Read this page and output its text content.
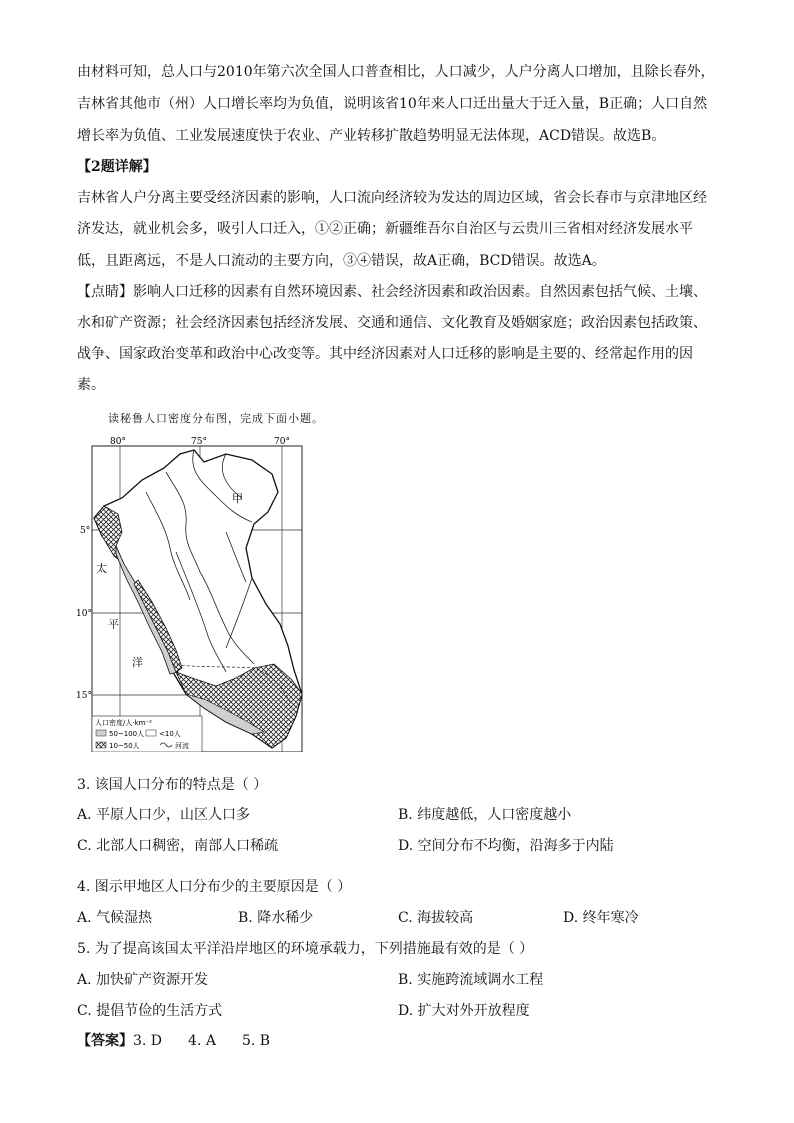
由材料可知，总人口与2010年第六次全国人口普查相比，人口减少，人户分离人口增加，且除长春外，
吉林省其他市（州）人口增长率均为负值，说明该省10年来人口迁出量大于迁入量，B正确；人口自然
增长率为负值、工业发展速度快于农业、产业转移扩散趋势明显无法体现，ACD错误。故选B。
【2题详解】
吉林省人户分离主要受经济因素的影响，人口流向经济较为发达的周边区域，省会长春市与京津地区经
济发达，就业机会多，吸引人口迁入，①②正确；新疆维吾尔自治区与云贵川三省相对经济发展水平
低，且距离远，不是人口流动的主要方向，③④错误，故A正确，BCD错误。故选A。
【点睛】影响人口迁移的因素有自然环境因素、社会经济因素和政治因素。自然因素包括气候、土壤、
水和矿产资源；社会经济因素包括经济发展、交通和通信、文化教育及婚姻家庭；政治因素包括政策、
战争、国家政治变革和政治中心改变等。其中经济因素对人口迁移的影响是主要的、经常起作用的因
素。
读秘鲁人口密度分布图，完成下面小题。
80°	75°	70°
5°
10°
15°
甲
太
平
洋
人口密度/人·km⁻²
50~100人 <10人
10~50人	河流
3. 该国人口分布的特点是（ ）
A. 平原人口少，山区人口多	B. 纬度越低，人口密度越小
C. 北部人口稠密，南部人口稀疏	D. 空间分布不均衡，沿海多于内陆
4. 图示甲地区人口分布少的主要原因是（ ）
A. 气候湿热	B. 降水稀少	C. 海拔较高	D. 终年寒冷
5. 为了提高该国太平洋沿岸地区的环境承载力，下列措施最有效的是（ ）
A. 加快矿产资源开发	B. 实施跨流域调水工程
C. 提倡节俭的生活方式	D. 扩大对外开放程度
【答案】3. D 4. A 5. B
